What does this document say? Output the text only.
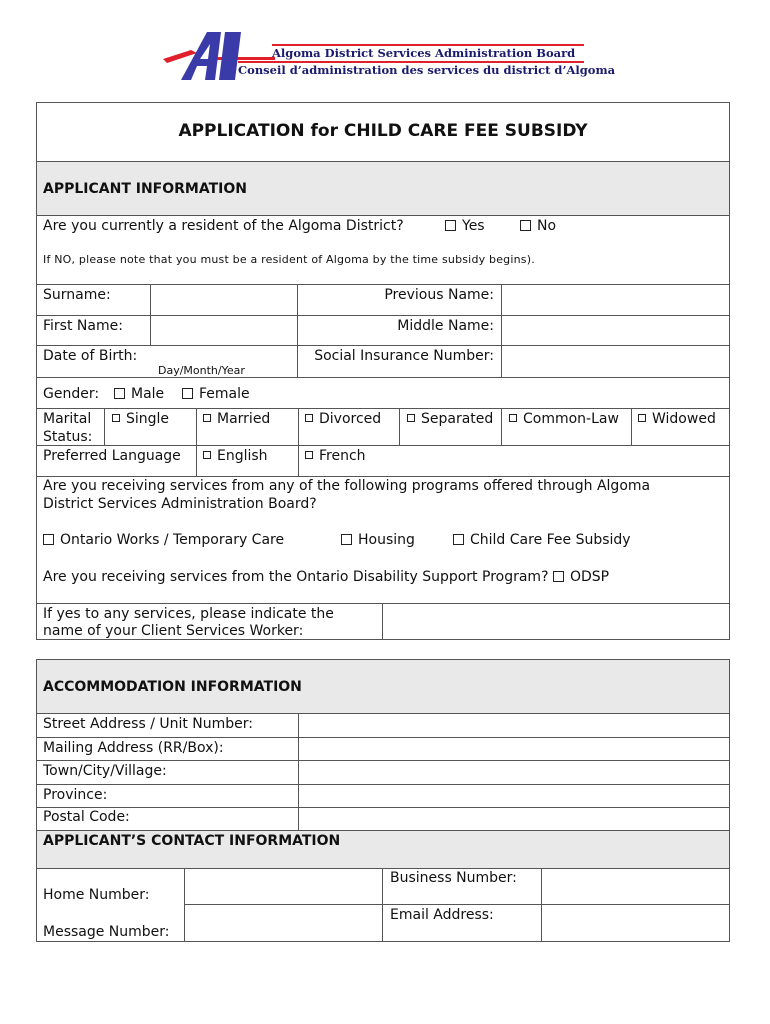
Algoma District Services Administration Board
Conseil d’administration des services du district d’Algoma
APPLICATION for CHILD CARE FEE SUBSIDY
APPLICANT INFORMATION
Are you currently a resident of the Algoma District?	Yes	No
If NO, please note that you must be a resident of Algoma by the time subsidy begins).
Surname:	Previous Name:
First Name:	Middle Name:
Date of Birth:
Day/Month/Year
Social Insurance Number:
Gender:	Male	Female
Marital
Status:
Single	Married	Divorced	Separated	Common-Law	Widowed
Preferred Language	English	French
Are you receiving services from any of the following programs offered through Algoma
District Services Administration Board?
Ontario Works / Temporary Care	Housing	Child Care Fee Subsidy
Are you receiving services from the Ontario Disability Support Program? ODSP
If yes to any services, please indicate the
name of your Client Services Worker:
ACCOMMODATION INFORMATION
Street Address / Unit Number:
Mailing Address (RR/Box):
Town/City/Village:
Province:
Postal Code:
APPLICANT’S CONTACT INFORMATION
Home Number:
Business Number:
Message Number:
Email Address:
